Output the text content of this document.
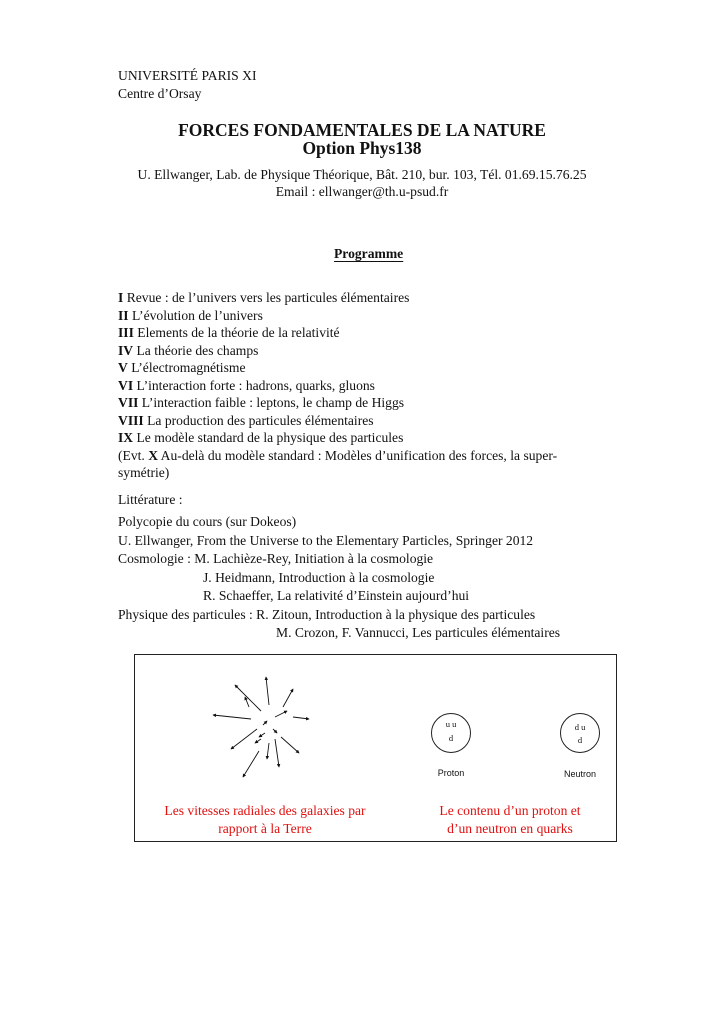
UNIVERSITÉ PARIS XI
Centre d’Orsay
FORCES FONDAMENTALES DE LA NATURE
Option Phys138
U. Ellwanger, Lab. de Physique Théorique, Bât. 210, bur. 103, Tél. 01.69.15.76.25
Email : ellwanger@th.u-psud.fr
Programme
I Revue : de l’univers vers les particules élémentaires
II L’évolution de l’univers
III Elements de la théorie de la relativité
IV La théorie des champs
V L’électromagnétisme
VI L’interaction forte : hadrons, quarks, gluons
VII L’interaction faible : leptons, le champ de Higgs
VIII La production des particules élémentaires
IX Le modèle standard de la physique des particules
(Evt. X Au-delà du modèle standard : Modèles d’unification des forces, la super-
symétrie)
Littérature :
Polycopie du cours (sur Dokeos)
U. Ellwanger, From the Universe to the Elementary Particles, Springer 2012
Cosmologie : M. Lachièze-Rey, Initiation à la cosmologie
J. Heidmann, Introduction à la cosmologie
R. Schaeffer, La relativité d’Einstein aujourd’hui
Physique des particules : R. Zitoun, Introduction à la physique des particules
M. Crozon, F. Vannucci, Les particules élémentaires
u u
d
Proton
d u
d
Neutron
Les vitesses radiales des galaxies par
rapport à la Terre
Le contenu d’un proton et
d’un neutron en quarks
